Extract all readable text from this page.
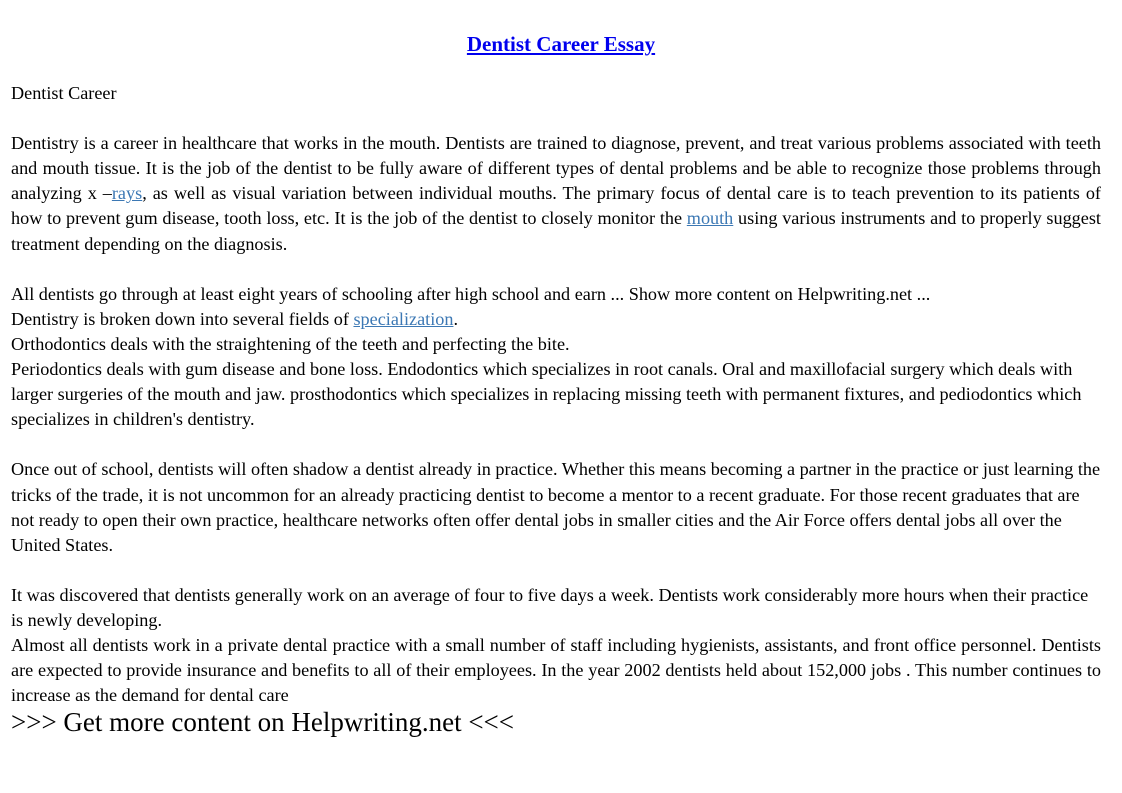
Dentist Career Essay

Dentist Career

Dentistry is a career in healthcare that works in the mouth. Dentists are trained to diagnose, prevent, and treat various problems associated with teeth and mouth tissue. It is the job of the dentist to be fully aware of different types of dental problems and be able to recognize those problems through analyzing x –rays, as well as visual variation between individual mouths. The primary focus of dental care is to teach prevention to its patients of how to prevent gum disease, tooth loss, etc. It is the job of the dentist to closely monitor the mouth using various instruments and to properly suggest treatment depending on the diagnosis.

All dentists go through at least eight years of schooling after high school and earn ... Show more content on Helpwriting.net ...

Dentistry is broken down into several fields of specialization.

Orthodontics deals with the straightening of the teeth and perfecting the bite.

Periodontics deals with gum disease and bone loss. Endodontics which specializes in root canals. Oral and maxillofacial surgery which deals with larger surgeries of the mouth and jaw. prosthodontics which specializes in replacing missing teeth with permanent fixtures, and pediodontics which specializes in children's dentistry.

Once out of school, dentists will often shadow a dentist already in practice. Whether this means becoming a partner in the practice or just learning the tricks of the trade, it is not uncommon for an already practicing dentist to become a mentor to a recent graduate. For those recent graduates that are not ready to open their own practice, healthcare networks often offer dental jobs in smaller cities and the Air Force offers dental jobs all over the United States.

It was discovered that dentists generally work on an average of four to five days a week. Dentists work considerably more hours when their practice is newly developing.

Almost all dentists work in a private dental practice with a small number of staff including hygienists, assistants, and front office personnel. Dentists are expected to provide insurance and benefits to all of their employees. In the year 2002 dentists held about 152,000 jobs . This number continues to increase as the demand for dental care

>>> Get more content on Helpwriting.net <<<
